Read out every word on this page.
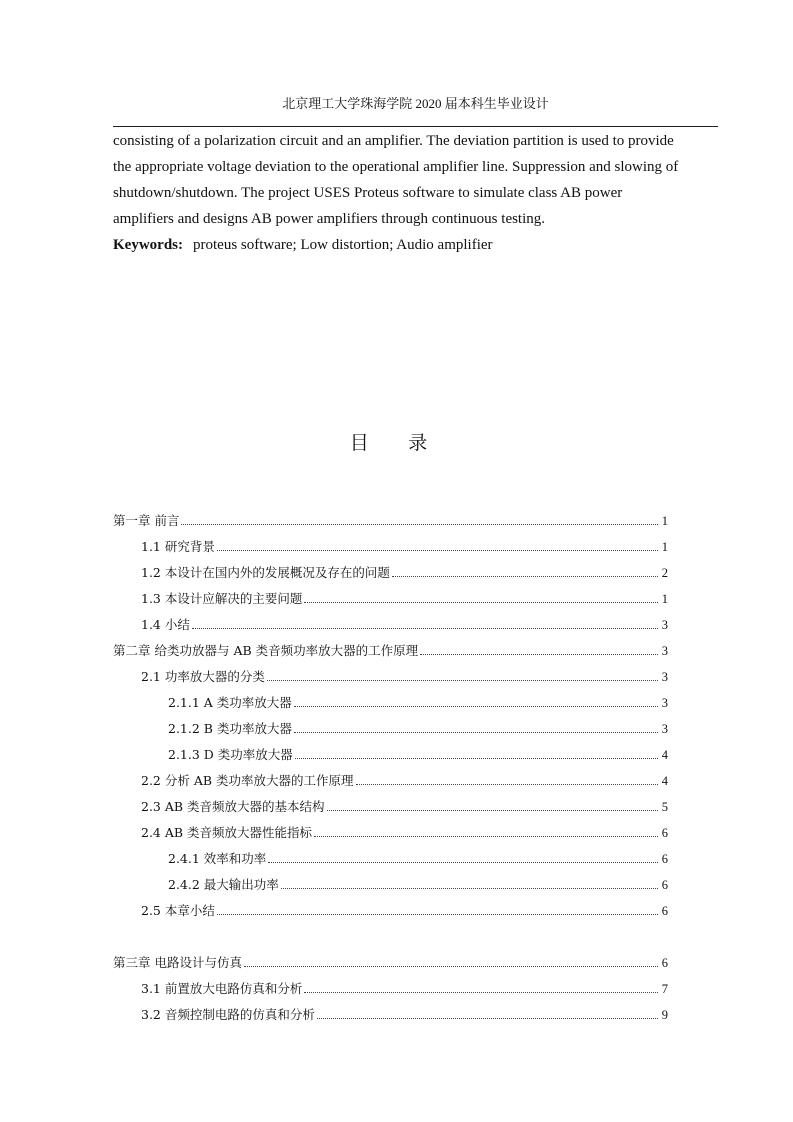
北京理工大学珠海学院 2020 届本科生毕业设计
consisting of a polarization circuit and an amplifier. The deviation partition is used to provide
the appropriate voltage deviation to the operational amplifier line. Suppression and slowing of
shutdown/shutdown. The project USES Proteus software to simulate class AB power
amplifiers and designs AB power amplifiers through continuous testing.
Keywords: proteus software; Low distortion; Audio amplifier
目 录
第一章 前言	1
1.1 研究背景	1
1.2 本设计在国内外的发展概况及存在的问题	2
1.3 本设计应解决的主要问题	1
1.4 小结	3
第二章 给类功放器与 AB 类音频功率放大器的工作原理	3
2.1 功率放大器的分类	3
2.1.1 A 类功率放大器	3
2.1.2 B 类功率放大器	3
2.1.3 D 类功率放大器	4
2.2 分析 AB 类功率放大器的工作原理	4
2.3 AB 类音频放大器的基本结构	5
2.4 AB 类音频放大器性能指标	6
2.4.1 效率和功率	6
2.4.2 最大输出功率	6
2.5 本章小结	6
第三章 电路设计与仿真	6
3.1 前置放大电路仿真和分析	7
3.2 音频控制电路的仿真和分析	9
